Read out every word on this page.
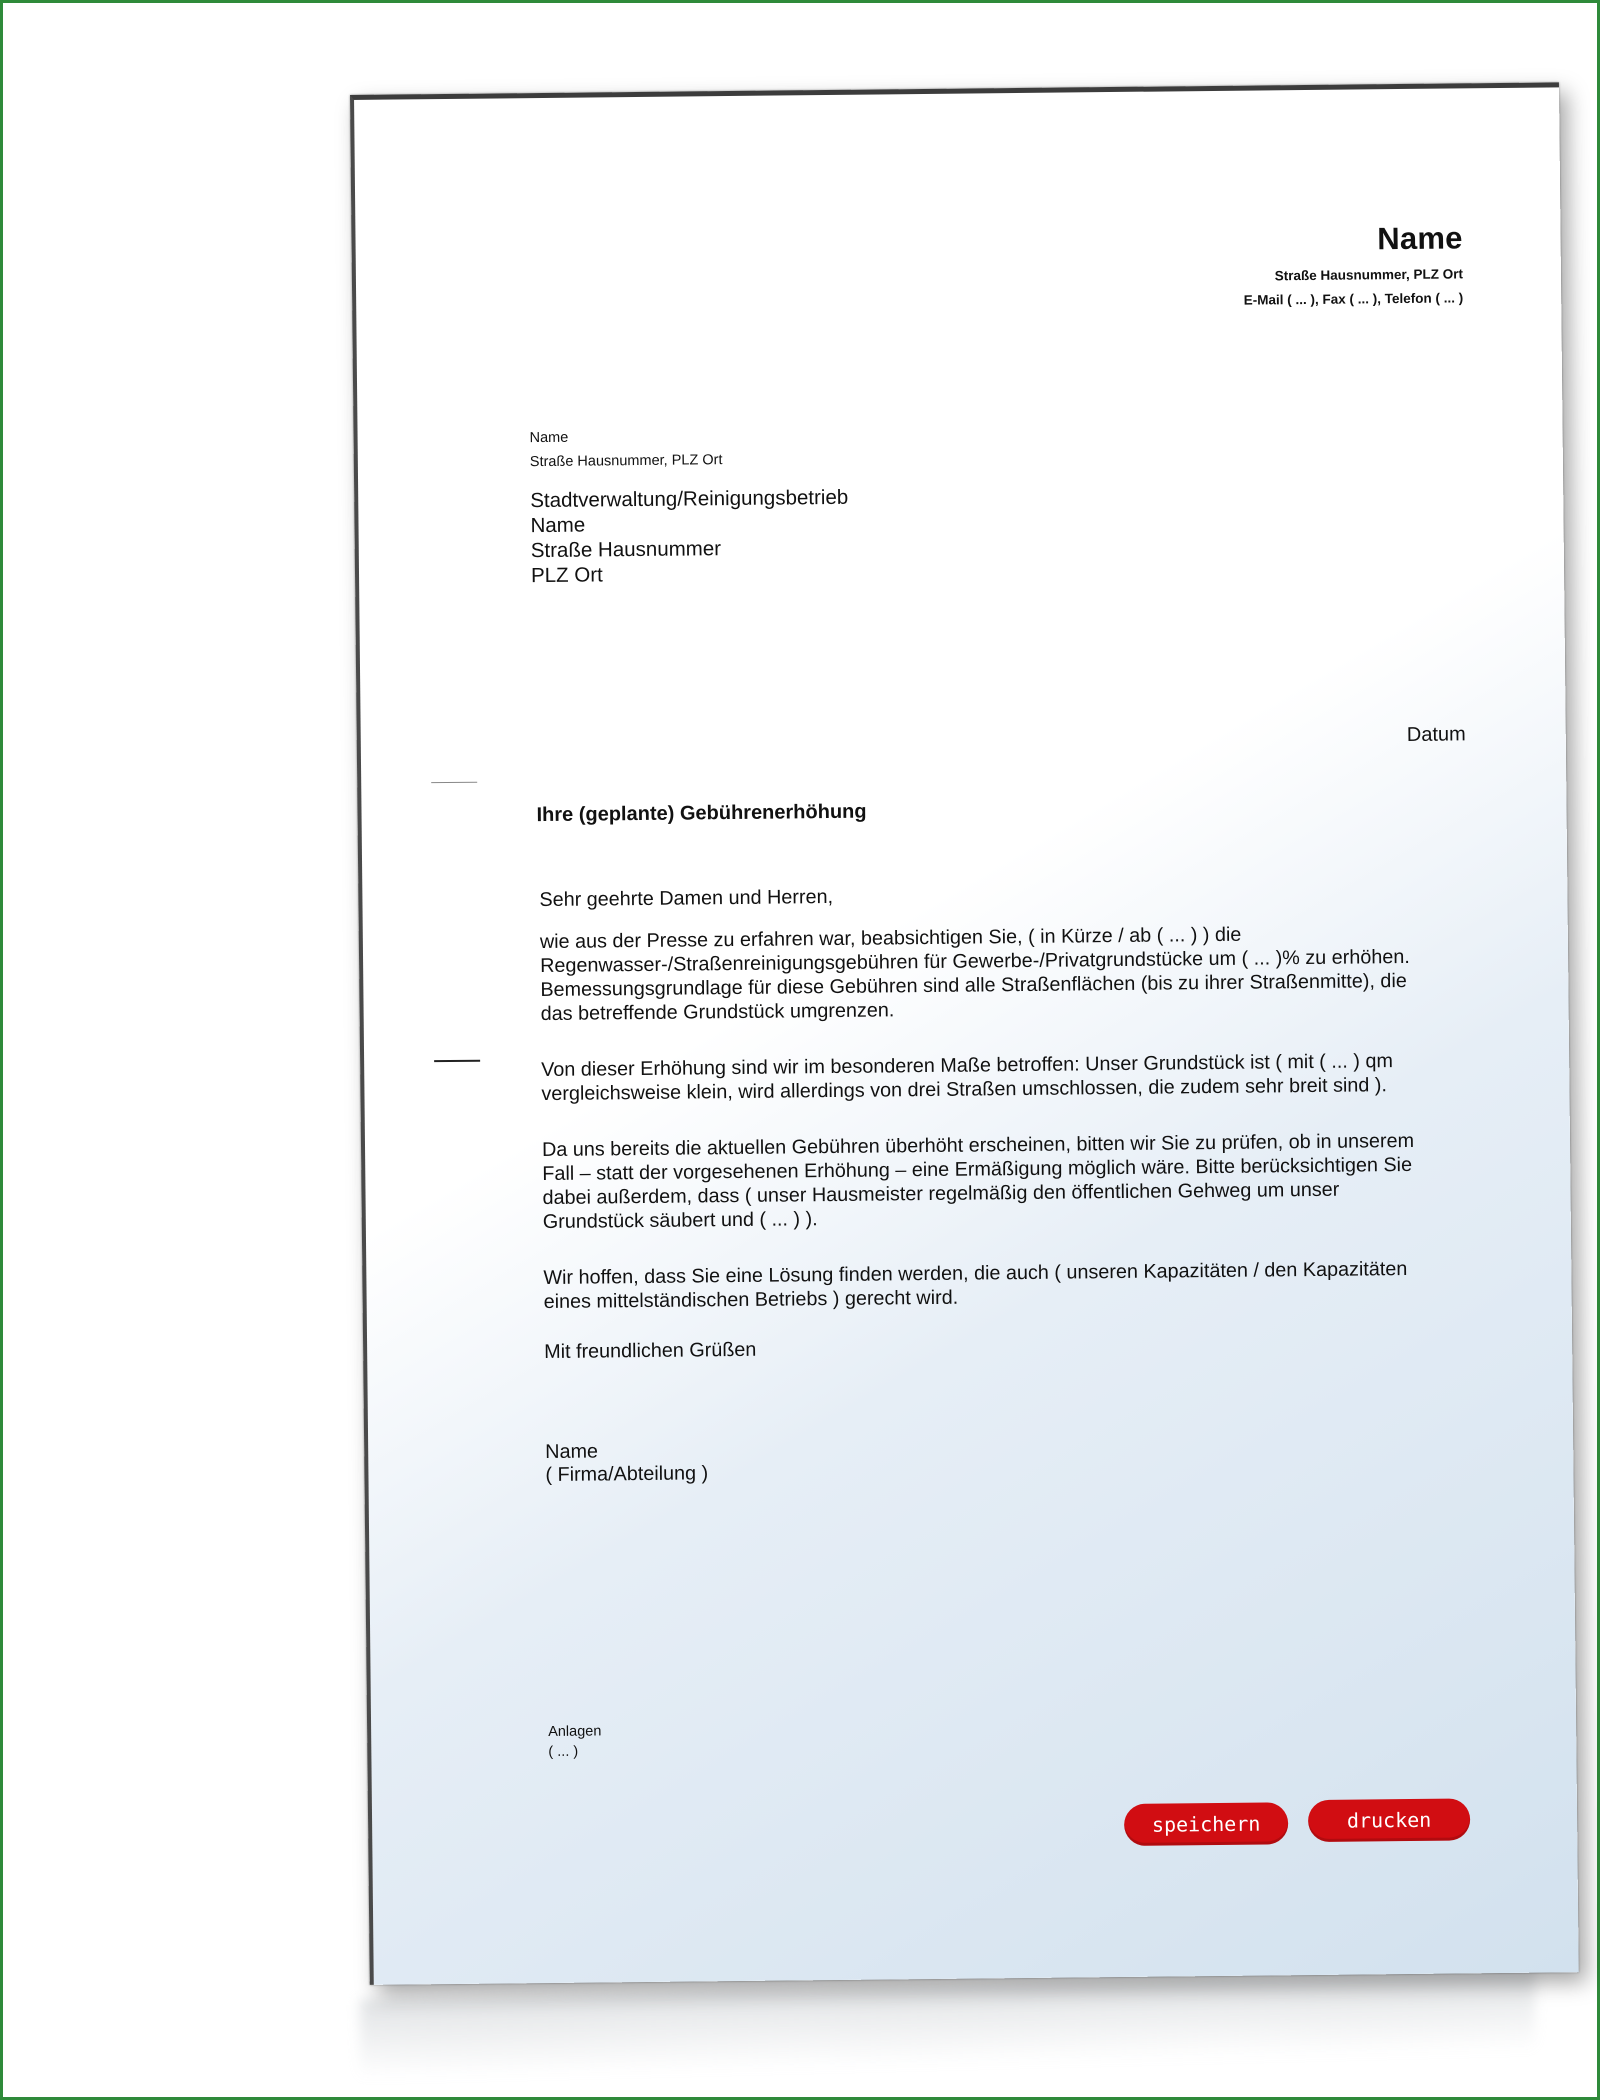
Name
Straße Hausnummer, PLZ Ort
E-Mail ( ... ), Fax ( ... ), Telefon ( ... )
Name
Straße Hausnummer, PLZ Ort
Stadtverwaltung/Reinigungsbetrieb
Name
Straße Hausnummer
PLZ Ort
Datum
Ihre (geplante) Gebührenerhöhung
Sehr geehrte Damen und Herren,
wie aus der Presse zu erfahren war, beabsichtigen Sie, ( in Kürze / ab ( ... ) ) die Regenwasser-/Straßenreinigungsgebühren für Gewerbe-/Privatgrundstücke um ( ... )% zu erhöhen. Bemessungsgrundlage für diese Gebühren sind alle Straßenflächen (bis zu ihrer Straßenmitte), die das betreffende Grundstück umgrenzen.
Von dieser Erhöhung sind wir im besonderen Maße betroffen: Unser Grundstück ist ( mit ( ... ) qm vergleichsweise klein, wird allerdings von drei Straßen umschlossen, die zudem sehr breit sind ).
Da uns bereits die aktuellen Gebühren überhöht erscheinen, bitten wir Sie zu prüfen, ob in unserem Fall – statt der vorgesehenen Erhöhung – eine Ermäßigung möglich wäre. Bitte berücksichtigen Sie dabei außerdem, dass ( unser Hausmeister regelmäßig den öffentlichen Gehweg um unser Grundstück säubert und ( ... ) ).
Wir hoffen, dass Sie eine Lösung finden werden, die auch ( unseren Kapazitäten / den Kapazitäten eines mittelständischen Betriebs ) gerecht wird.
Mit freundlichen Grüßen
Name
( Firma/Abteilung )
Anlagen
( ... )
speichern	drucken
